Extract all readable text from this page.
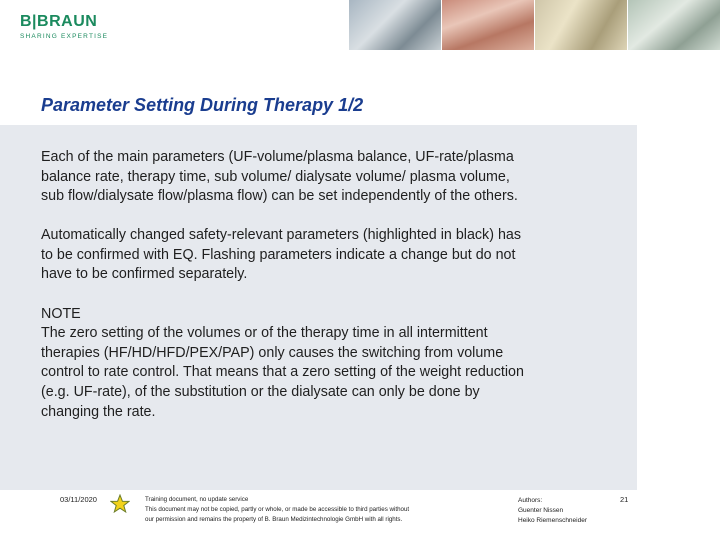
B|BRAUN
SHARING EXPERTISE
Parameter Setting During Therapy 1/2

Each of the main parameters (UF-volume/plasma balance, UF-rate/plasma balance rate, therapy time, sub volume/ dialysate volume/ plasma volume, sub flow/dialysate flow/plasma flow) can be set independently of the others.

Automatically changed safety-relevant parameters (highlighted in black) has to be confirmed with EQ. Flashing parameters indicate a change but do not have to be confirmed separately.

NOTE
The zero setting of the volumes or of the therapy time in all intermittent therapies (HF/HD/HFD/PEX/PAP) only causes the switching from volume control to rate control. That means that a zero setting of the weight reduction (e.g. UF-rate), of the substitution or the dialysate can only be done by changing the rate.
03/11/2020	Training document, no update service
This document may not be copied, partly or whole, or made be accessible to third parties without
our permission and remains the property of B. Braun Medizintechnologie GmbH with all rights.
Authors:
Guenter Nissen
Heiko Riemenschneider
21
